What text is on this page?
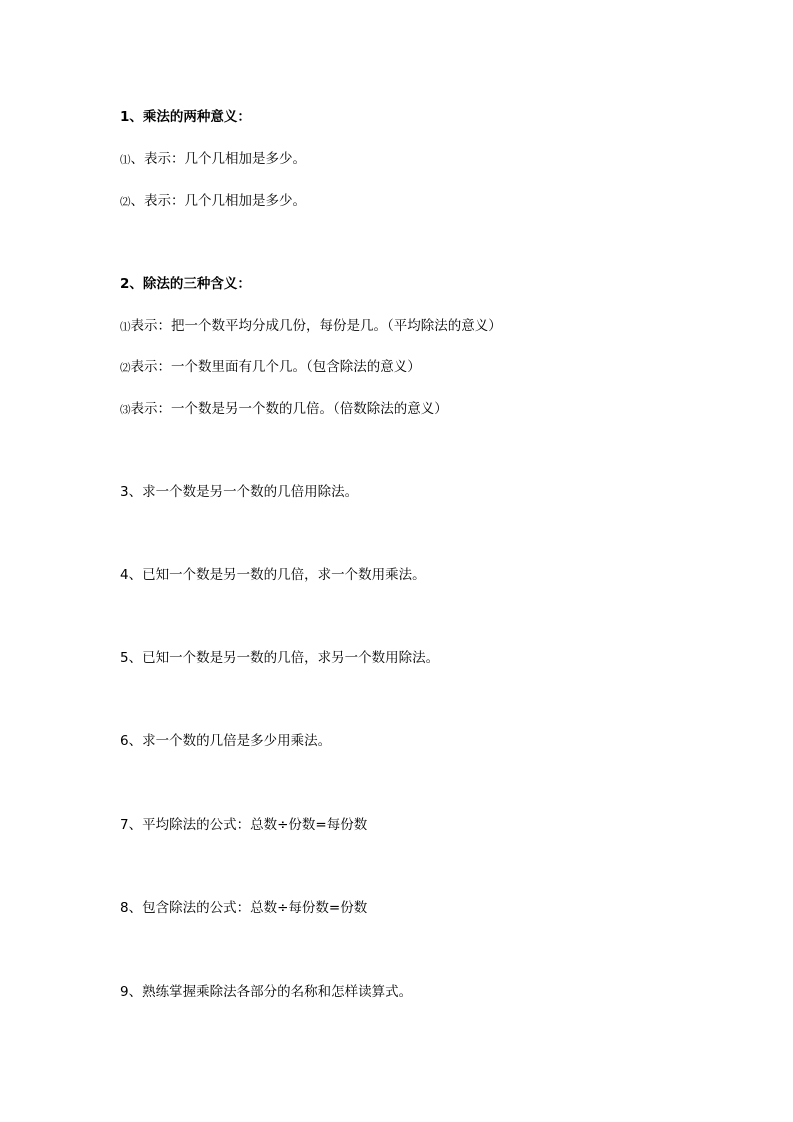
1、乘法的两种意义：
⑴、表示：几个几相加是多少。
⑵、表示：几个几相加是多少。
2、除法的三种含义：
⑴表示：把一个数平均分成几份，每份是几。（平均除法的意义）
⑵表示：一个数里面有几个几。（包含除法的意义）
⑶表示：一个数是另一个数的几倍。（倍数除法的意义）
3、求一个数是另一个数的几倍用除法。
4、已知一个数是另一数的几倍，求一个数用乘法。
5、已知一个数是另一数的几倍，求另一个数用除法。
6、求一个数的几倍是多少用乘法。
7、平均除法的公式：总数÷份数=每份数
8、包含除法的公式：总数÷每份数=份数
9、熟练掌握乘除法各部分的名称和怎样读算式。
